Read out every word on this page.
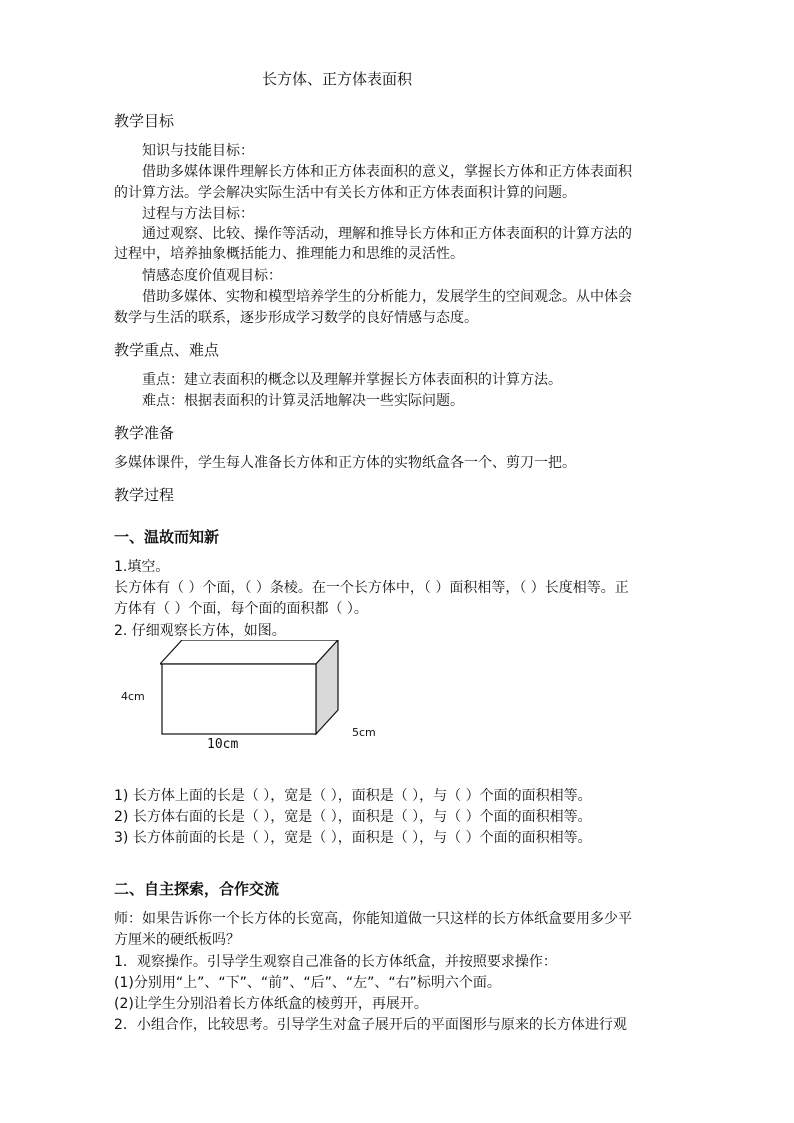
长方体、正方体表面积
教学目标
知识与技能目标：
借助多媒体课件理解长方体和正方体表面积的意义，掌握长方体和正方体表面积
的计算方法。学会解决实际生活中有关长方体和正方体表面积计算的问题。
过程与方法目标：
通过观察、比较、操作等活动，理解和推导长方体和正方体表面积的计算方法的
过程中，培养抽象概括能力、推理能力和思维的灵活性。
情感态度价值观目标：
借助多媒体、实物和模型培养学生的分析能力，发展学生的空间观念。从中体会
数学与生活的联系，逐步形成学习数学的良好情感与态度。
教学重点、难点
重点：建立表面积的概念以及理解并掌握长方体表面积的计算方法。
难点：根据表面积的计算灵活地解决一些实际问题。
教学准备
多媒体课件，学生每人准备长方体和正方体的实物纸盒各一个、剪刀一把。
教学过程
一、温故而知新
1.填空。
长方体有（ ）个面，（ ）条棱。在一个长方体中，（ ）面积相等，（ ）长度相等。正
方体有（ ）个面，每个面的面积都（ ）。
2. 仔细观察长方体，如图。
4cm
10cm
5cm
1) 长方体上面的长是（ ），宽是（ ），面积是（ ），与（ ）个面的面积相等。
2) 长方体右面的长是（ ），宽是（ ），面积是（ ），与（ ）个面的面积相等。
3) 长方体前面的长是（ ），宽是（ ），面积是（ ），与（ ）个面的面积相等。
二、自主探索，合作交流
师：如果告诉你一个长方体的长宽高，你能知道做一只这样的长方体纸盒要用多少平
方厘米的硬纸板吗？
1．观察操作。引导学生观察自己准备的长方体纸盒，并按照要求操作：
(1)分别用“上”、“下”、“前”、“后”、“左”、“右”标明六个面。
(2)让学生分别沿着长方体纸盒的棱剪开，再展开。
2．小组合作，比较思考。引导学生对盒子展开后的平面图形与原来的长方体进行观
